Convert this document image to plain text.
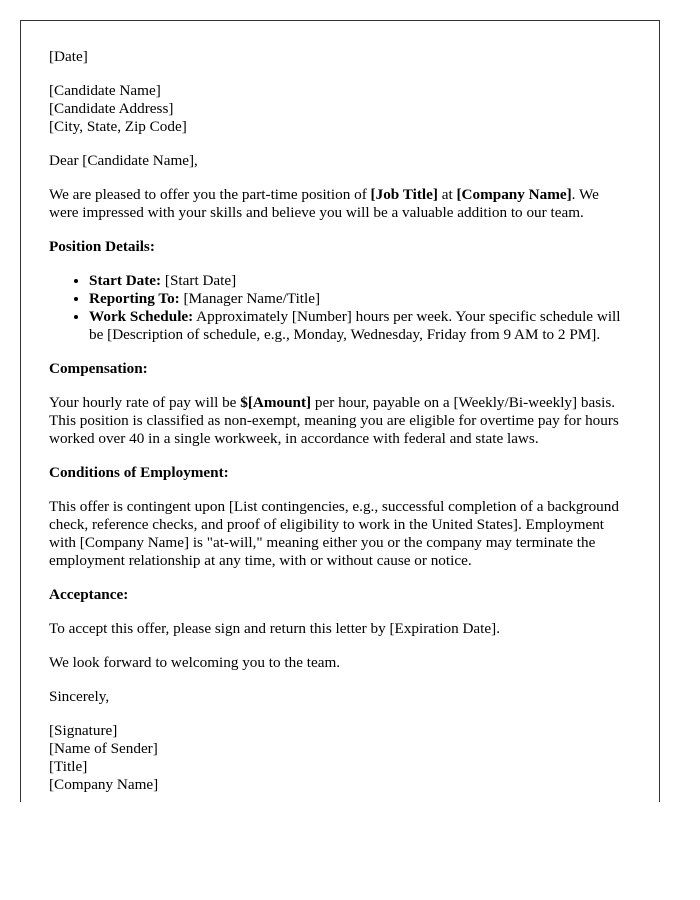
[Date]

[Candidate Name]
[Candidate Address]
[City, State, Zip Code]

Dear [Candidate Name],

We are pleased to offer you the part-time position of [Job Title] at [Company Name]. We were impressed with your skills and believe you will be a valuable addition to our team.

Position Details:

• Start Date: [Start Date]
• Reporting To: [Manager Name/Title]
• Work Schedule: Approximately [Number] hours per week. Your specific schedule will be [Description of schedule, e.g., Monday, Wednesday, Friday from 9 AM to 2 PM].

Compensation:

Your hourly rate of pay will be $[Amount] per hour, payable on a [Weekly/Bi-weekly] basis. This position is classified as non-exempt, meaning you are eligible for overtime pay for hours worked over 40 in a single workweek, in accordance with federal and state laws.

Conditions of Employment:

This offer is contingent upon [List contingencies, e.g., successful completion of a background check, reference checks, and proof of eligibility to work in the United States]. Employment with [Company Name] is "at-will," meaning either you or the company may terminate the employment relationship at any time, with or without cause or notice.

Acceptance:

To accept this offer, please sign and return this letter by [Expiration Date].

We look forward to welcoming you to the team.

Sincerely,

[Signature]
[Name of Sender]
[Title]
[Company Name]
